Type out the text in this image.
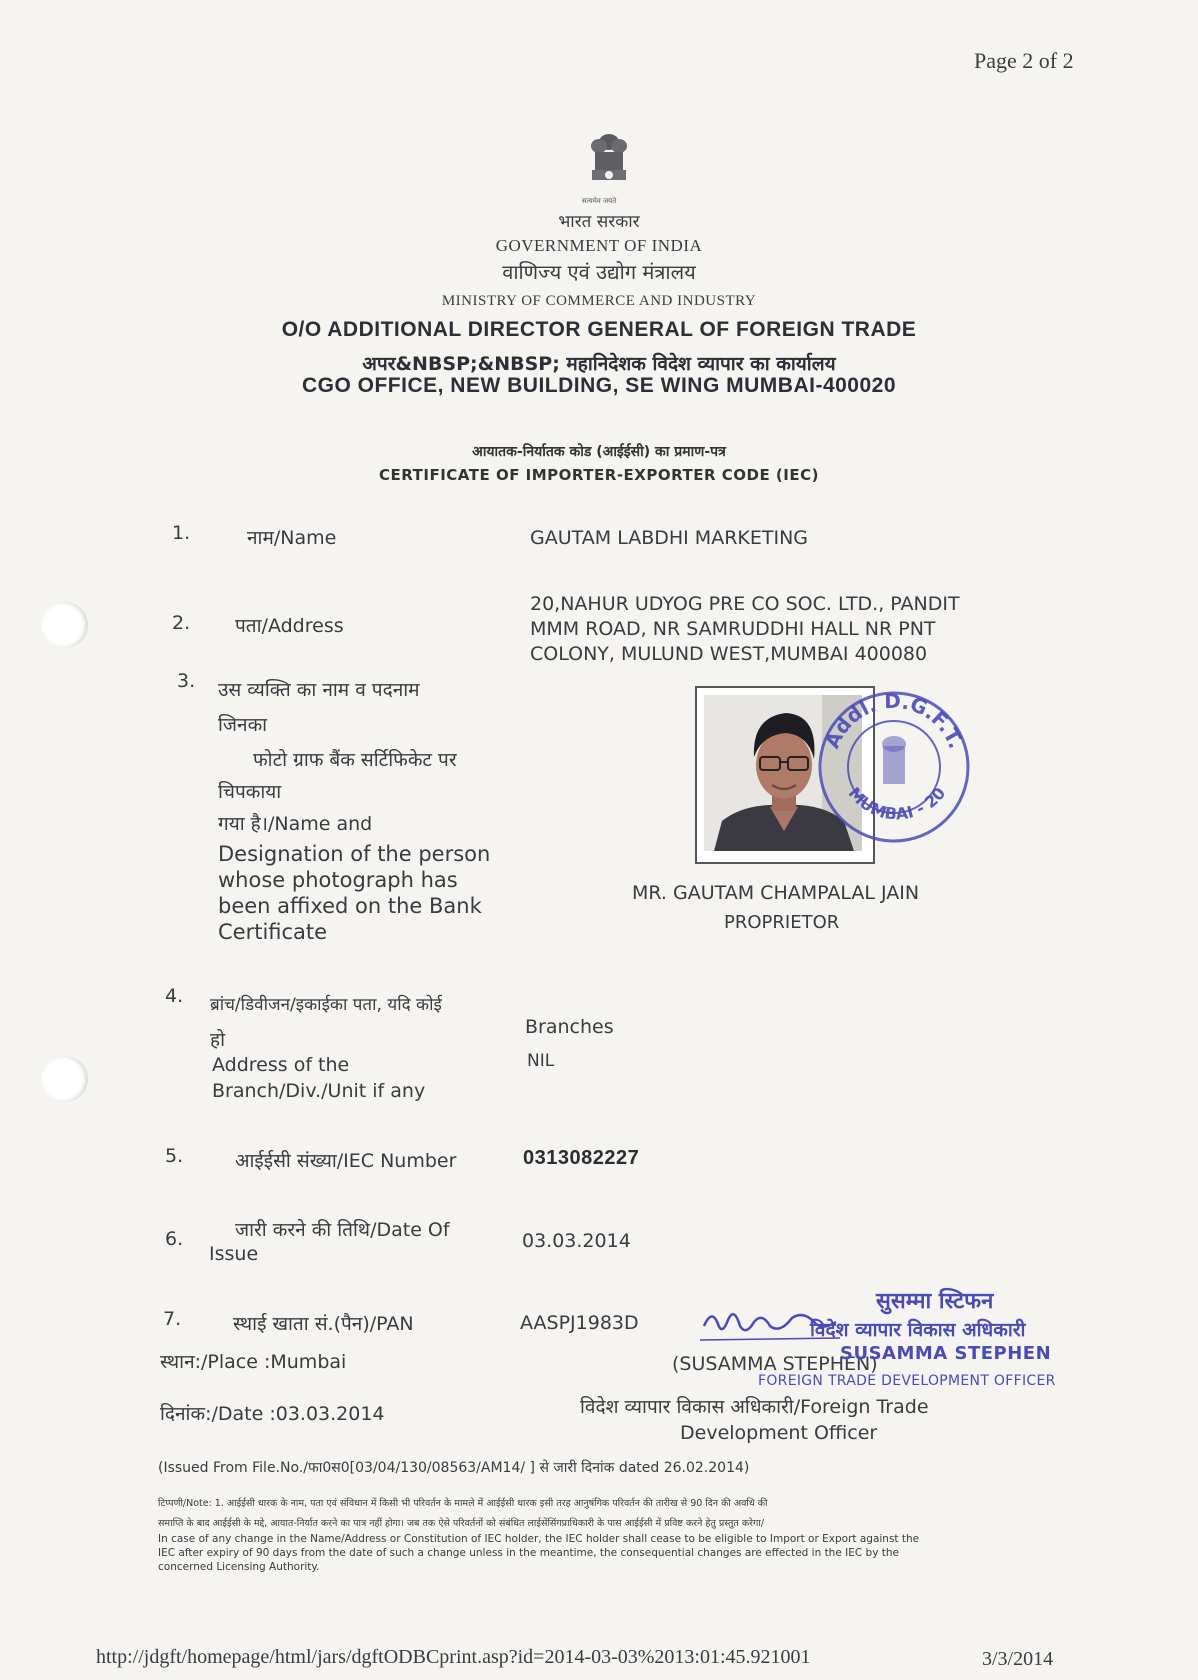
Page 2 of 2
सत्यमेव जयते
भारत सरकार
GOVERNMENT OF INDIA
वाणिज्य एवं उद्योग मंत्रालय
MINISTRY OF COMMERCE AND INDUSTRY
O/O ADDITIONAL DIRECTOR GENERAL OF FOREIGN TRADE
अपर&NBSP;&NBSP; महानिदेशक विदेश व्यापार का कार्यालय
CGO OFFICE, NEW BUILDING, SE WING MUMBAI-400020
आयातक-निर्यातक कोड (आईईसी) का प्रमाण-पत्र
CERTIFICATE OF IMPORTER-EXPORTER CODE (IEC)
1.	नाम/Name	GAUTAM LABDHI MARKETING
2. पता/Address
20,NAHUR UDYOG PRE CO SOC. LTD., PANDIT
MMM ROAD, NR SAMRUDDHI HALL NR PNT
COLONY, MULUND WEST,MUMBAI 400080
3. उस व्यक्ति का नाम व पदनाम
जिनका
फोटो ग्राफ बैंक सर्टिफिकेट पर
चिपकाया
गया है।/Name and
Designation of the person
whose photograph has
been affixed on the Bank
Certificate
Addl. D.G.F.T.
MUMBAI - 20
MR. GAUTAM CHAMPALAL JAIN
PROPRIETOR
4. ब्रांच/डिवीजन/इकाईका पता, यदि कोई
हो
Address of the
Branch/Div./Unit if any
Branches
NIL
5.	आईईसी संख्या/IEC Number	0313082227
6.	जारी करने की तिथि/Date Of
Issue
03.03.2014
7.	स्थाई खाता सं.(पैन)/PAN	AASPJ1983D
स्थान:/Place :Mumbai
दिनांक:/Date :03.03.2014
सुसम्मा स्टिफन
विदेश व्यापार विकास अधिकारी
(SUSAMMA STEPHEN)
SUSAMMA STEPHEN
FOREIGN TRADE DEVELOPMENT OFFICER
विदेश व्यापार विकास अधिकारी/Foreign Trade
Development Officer
(Issued From File.No./फा0स0[03/04/130/08563/AM14/ ] से जारी दिनांक dated 26.02.2014)
टिप्पणी/Note: 1. आईईसी धारक के नाम, पता एवं संविधान में किसी भी परिवर्तन के मामले में आईईसी धारक इसी तरह आनुषंगिक परिवर्तन की तारीख से 90 दिन की अवधि की
समाप्ति के बाद आईईसी के मद्दे, आयात-निर्यात करने का पात्र नहीं होगा। जब तक ऐसे परिवर्तनों को संबंधित लाईसेंसिंगप्राधिकारी के पास आईईसी में प्रविष्ट करने हेतु प्रस्तुत करेगा/
In case of any change in the Name/Address or Constitution of IEC holder, the IEC holder shall cease to be eligible to Import or Export against the
IEC after expiry of 90 days from the date of such a change unless in the meantime, the consequential changes are effected in the IEC by the
concerned Licensing Authority.
http://jdgft/homepage/html/jars/dgftODBCprint.asp?id=2014-03-03%2013:01:45.921001	3/3/2014
